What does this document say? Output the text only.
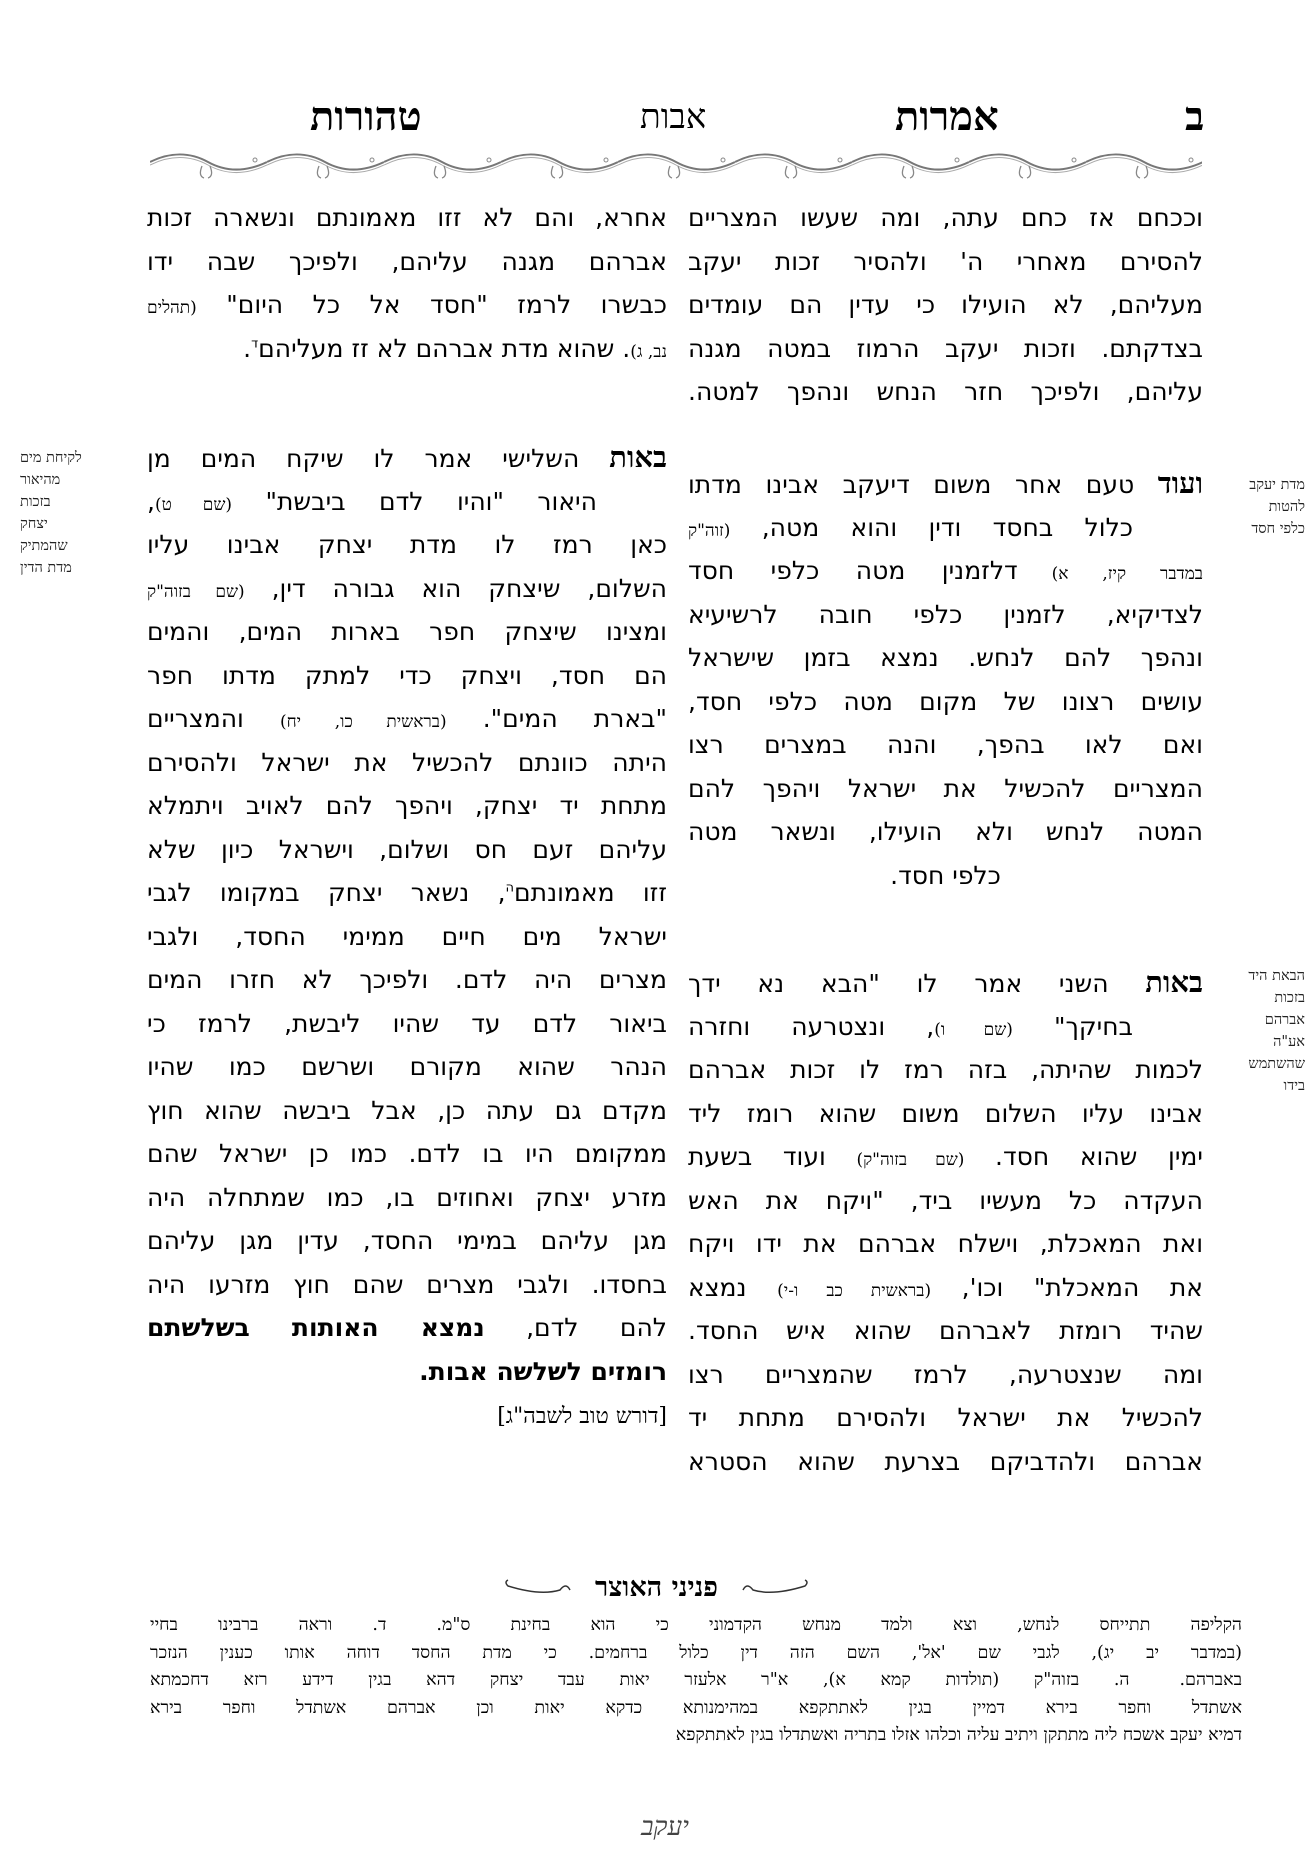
ב
אמרות
אבות
טהורות
וככחם אז כחם עתה, ומה שעשו המצריים
להסירם מאחרי ה' ולהסיר זכות יעקב
מעליהם, לא הועילו כי עדין הם עומדים
בצדקתם. וזכות יעקב הרמוז במטה מגנה
עליהם, ולפיכך חזר הנחש ונהפך למטה.
ועוד טעם אחר משום דיעקב אבינו מדתו
כלול בחסד ודין והוא מטה, (זוה"ק
במדבר קיז, א) דלזמנין מטה כלפי חסד
לצדיקיא, לזמנין כלפי חובה לרשיעיא
ונהפך להם לנחש. נמצא בזמן שישראל
עושים רצונו של מקום מטה כלפי חסד,
ואם לאו בהפך, והנה במצרים רצו
המצריים להכשיל את ישראל ויהפך להם
המטה לנחש ולא הועילו, ונשאר מטה
כלפי חסד.
באות השני אמר לו "הבא נא ידך
בחיקך" (שם ו), ונצטרעה וחזרה
לכמות שהיתה, בזה רמז לו זכות אברהם
אבינו עליו השלום משום שהוא רומז ליד
ימין שהוא חסד. (שם בזוה"ק) ועוד בשעת
העקדה כל מעשיו ביד, "ויקח את האש
ואת המאכלת, וישלח אברהם את ידו ויקח
את המאכלת" וכו', (בראשית כב ו-י) נמצא
שהיד רומזת לאברהם שהוא איש החסד.
ומה שנצטרעה, לרמז שהמצריים רצו
להכשיל את ישראל ולהסירם מתחת יד
אברהם ולהדביקם בצרעת שהוא הסטרא
אחרא, והם לא זזו מאמונתם ונשארה זכות
אברהם מגנה עליהם, ולפיכך שבה ידו
כבשרו לרמז "חסד אל כל היום" (תהלים
נב, ג). שהוא מדת אברהם לא זז מעליהם$^ד$.
באות השלישי אמר לו שיקח המים מן
היאור "והיו לדם ביבשת" (שם ט),
כאן רמז לו מדת יצחק אבינו עליו
השלום, שיצחק הוא גבורה דין, (שם בזוה"ק
ומצינו שיצחק חפר בארות המים, והמים
הם חסד, ויצחק כדי למתק מדתו חפר
"בארת המים". (בראשית כו, יח) והמצריים
היתה כוונתם להכשיל את ישראל ולהסירם
מתחת יד יצחק, ויהפך להם לאויב ויתמלא
עליהם זעם חס ושלום, וישראל כיון שלא
זזו מאמונתם$^ה$, נשאר יצחק במקומו לגבי
ישראל מים חיים ממימי החסד, ולגבי
מצרים היה לדם. ולפיכך לא חזרו המים
ביאור לדם עד שהיו ליבשת, לרמז כי
הנהר שהוא מקורם ושרשם כמו שהיו
מקדם גם עתה כן, אבל ביבשה שהוא חוץ
ממקומם היו בו לדם. כמו כן ישראל שהם
מזרע יצחק ואחוזים בו, כמו שמתחלה היה
מגן עליהם במימי החסד, עדין מגן עליהם
בחסדו. ולגבי מצרים שהם חוץ מזרעו היה
להם לדם, נמצא האותות בשלשתם
רומזים לשלשה אבות.
[דורש טוב לשבה"ג]
מדת יעקב
להטות
כלפי חסד
הבאת היד
בזכות
אברהם
אע"ה
שהשתמש
בידו
לקיחת מים
מהיאור
בזכות
יצחק
שהמתיק
מדת הדין
פניני האוצר
הקליפה תתייחס לנחש, וצא ולמד מנחש הקדמוני כי הוא בחינת ס"מ.ד. וראה ברבינו בחיי
(במדבר יב יג), לגבי שם 'אל', השם הזה דין כלול ברחמים. כי מדת החסד דוחה אותו כענין הנזכר
באברהם.ה. בזוה"ק (תולדות קמא א), א"ר אלעזר יאות עבד יצחק דהא בגין דידע רזא דחכמתא
אשתדל וחפר בירא דמיין בגין לאתתקפא במהימנותא כדקא יאות וכן אברהם אשתדל וחפר בירא
דמיא יעקב אשכח ליה מתתקן ויתיב עליה וכלהו אזלו בתריה ואשתדלו בגין לאתתקפא
יעקב
